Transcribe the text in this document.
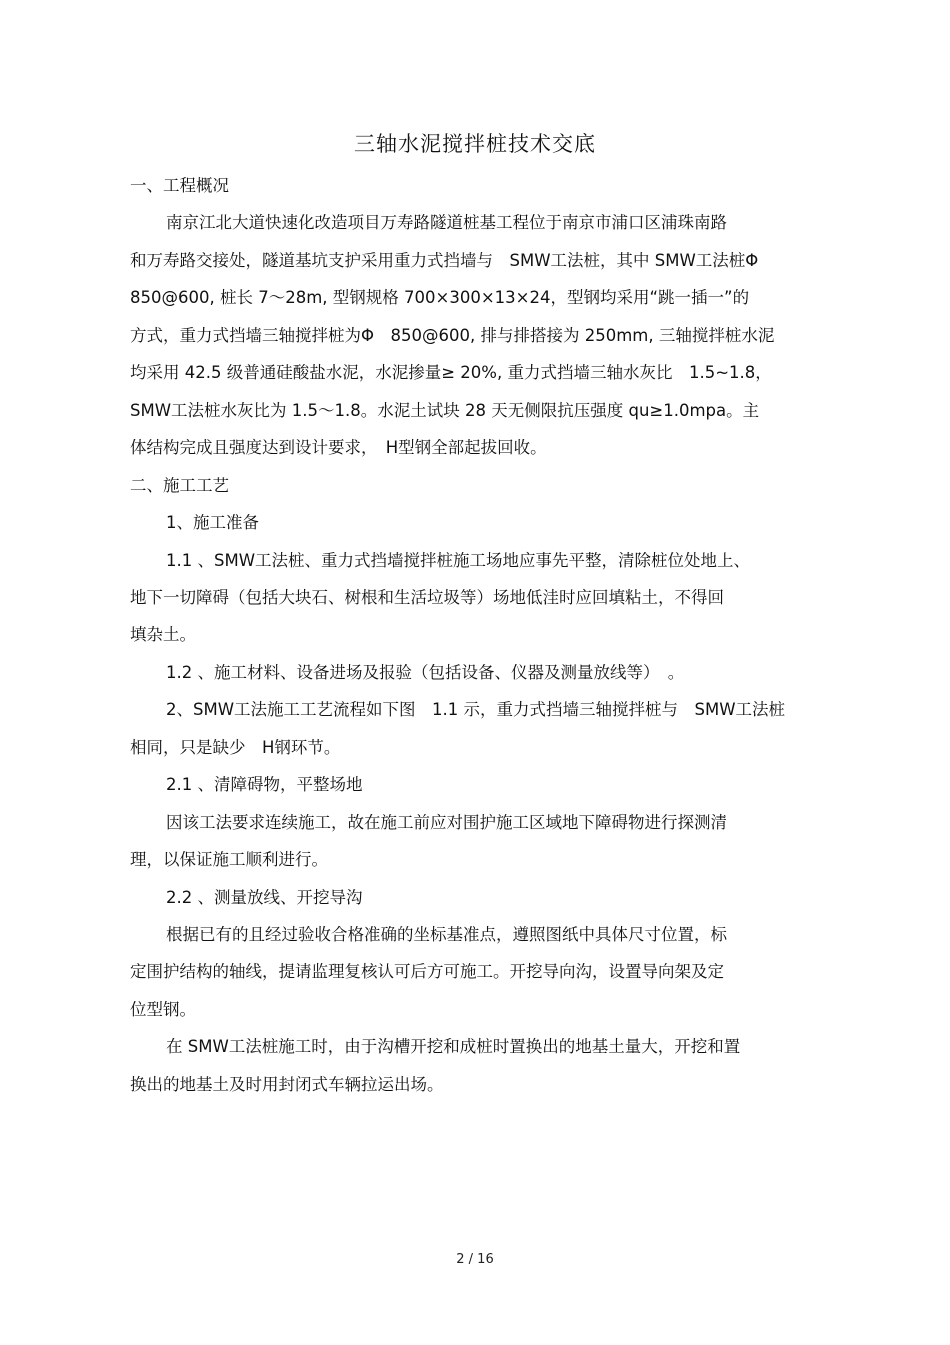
三轴水泥搅拌桩技术交底
一、工程概况
南京江北大道快速化改造项目万寿路隧道桩基工程位于南京市浦口区浦珠南路
和万寿路交接处，隧道基坑支护采用重力式挡墙与　SMW工法桩，其中 SMW工法桩Φ
850@600, 桩长 7～28m, 型钢规格 700×300×13×24，型钢均采用“跳一插一”的
方式，重力式挡墙三轴搅拌桩为Φ　850@600, 排与排搭接为 250mm, 三轴搅拌桩水泥
均采用 42.5 级普通硅酸盐水泥，水泥掺量≥ 20%, 重力式挡墙三轴水灰比　1.5~1.8，
SMW工法桩水灰比为 1.5～1.8。水泥土试块 28 天无侧限抗压强度 qu≥1.0mpa。主
体结构完成且强度达到设计要求，　H型钢全部起拔回收。
二、施工工艺
1、施工准备
1.1 、SMW工法桩、重力式挡墙搅拌桩施工场地应事先平整，清除桩位处地上、
地下一切障碍（包括大块石、树根和生活垃圾等）场地低洼时应回填粘土，不得回
填杂土。
1.2 、施工材料、设备进场及报验（包括设备、仪器及测量放线等）　。
2、SMW工法施工工艺流程如下图　1.1 示，重力式挡墙三轴搅拌桩与　SMW工法桩
相同，只是缺少　H钢环节。
2.1 、清障碍物，平整场地
因该工法要求连续施工，故在施工前应对围护施工区域地下障碍物进行探测清
理，以保证施工顺利进行。
2.2 、测量放线、开挖导沟
根据已有的且经过验收合格准确的坐标基准点，遵照图纸中具体尺寸位置，标
定围护结构的轴线，提请监理复核认可后方可施工。开挖导向沟，设置导向架及定
位型钢。
在 SMW工法桩施工时，由于沟槽开挖和成桩时置换出的地基土量大，开挖和置
换出的地基土及时用封闭式车辆拉运出场。
2 / 16
